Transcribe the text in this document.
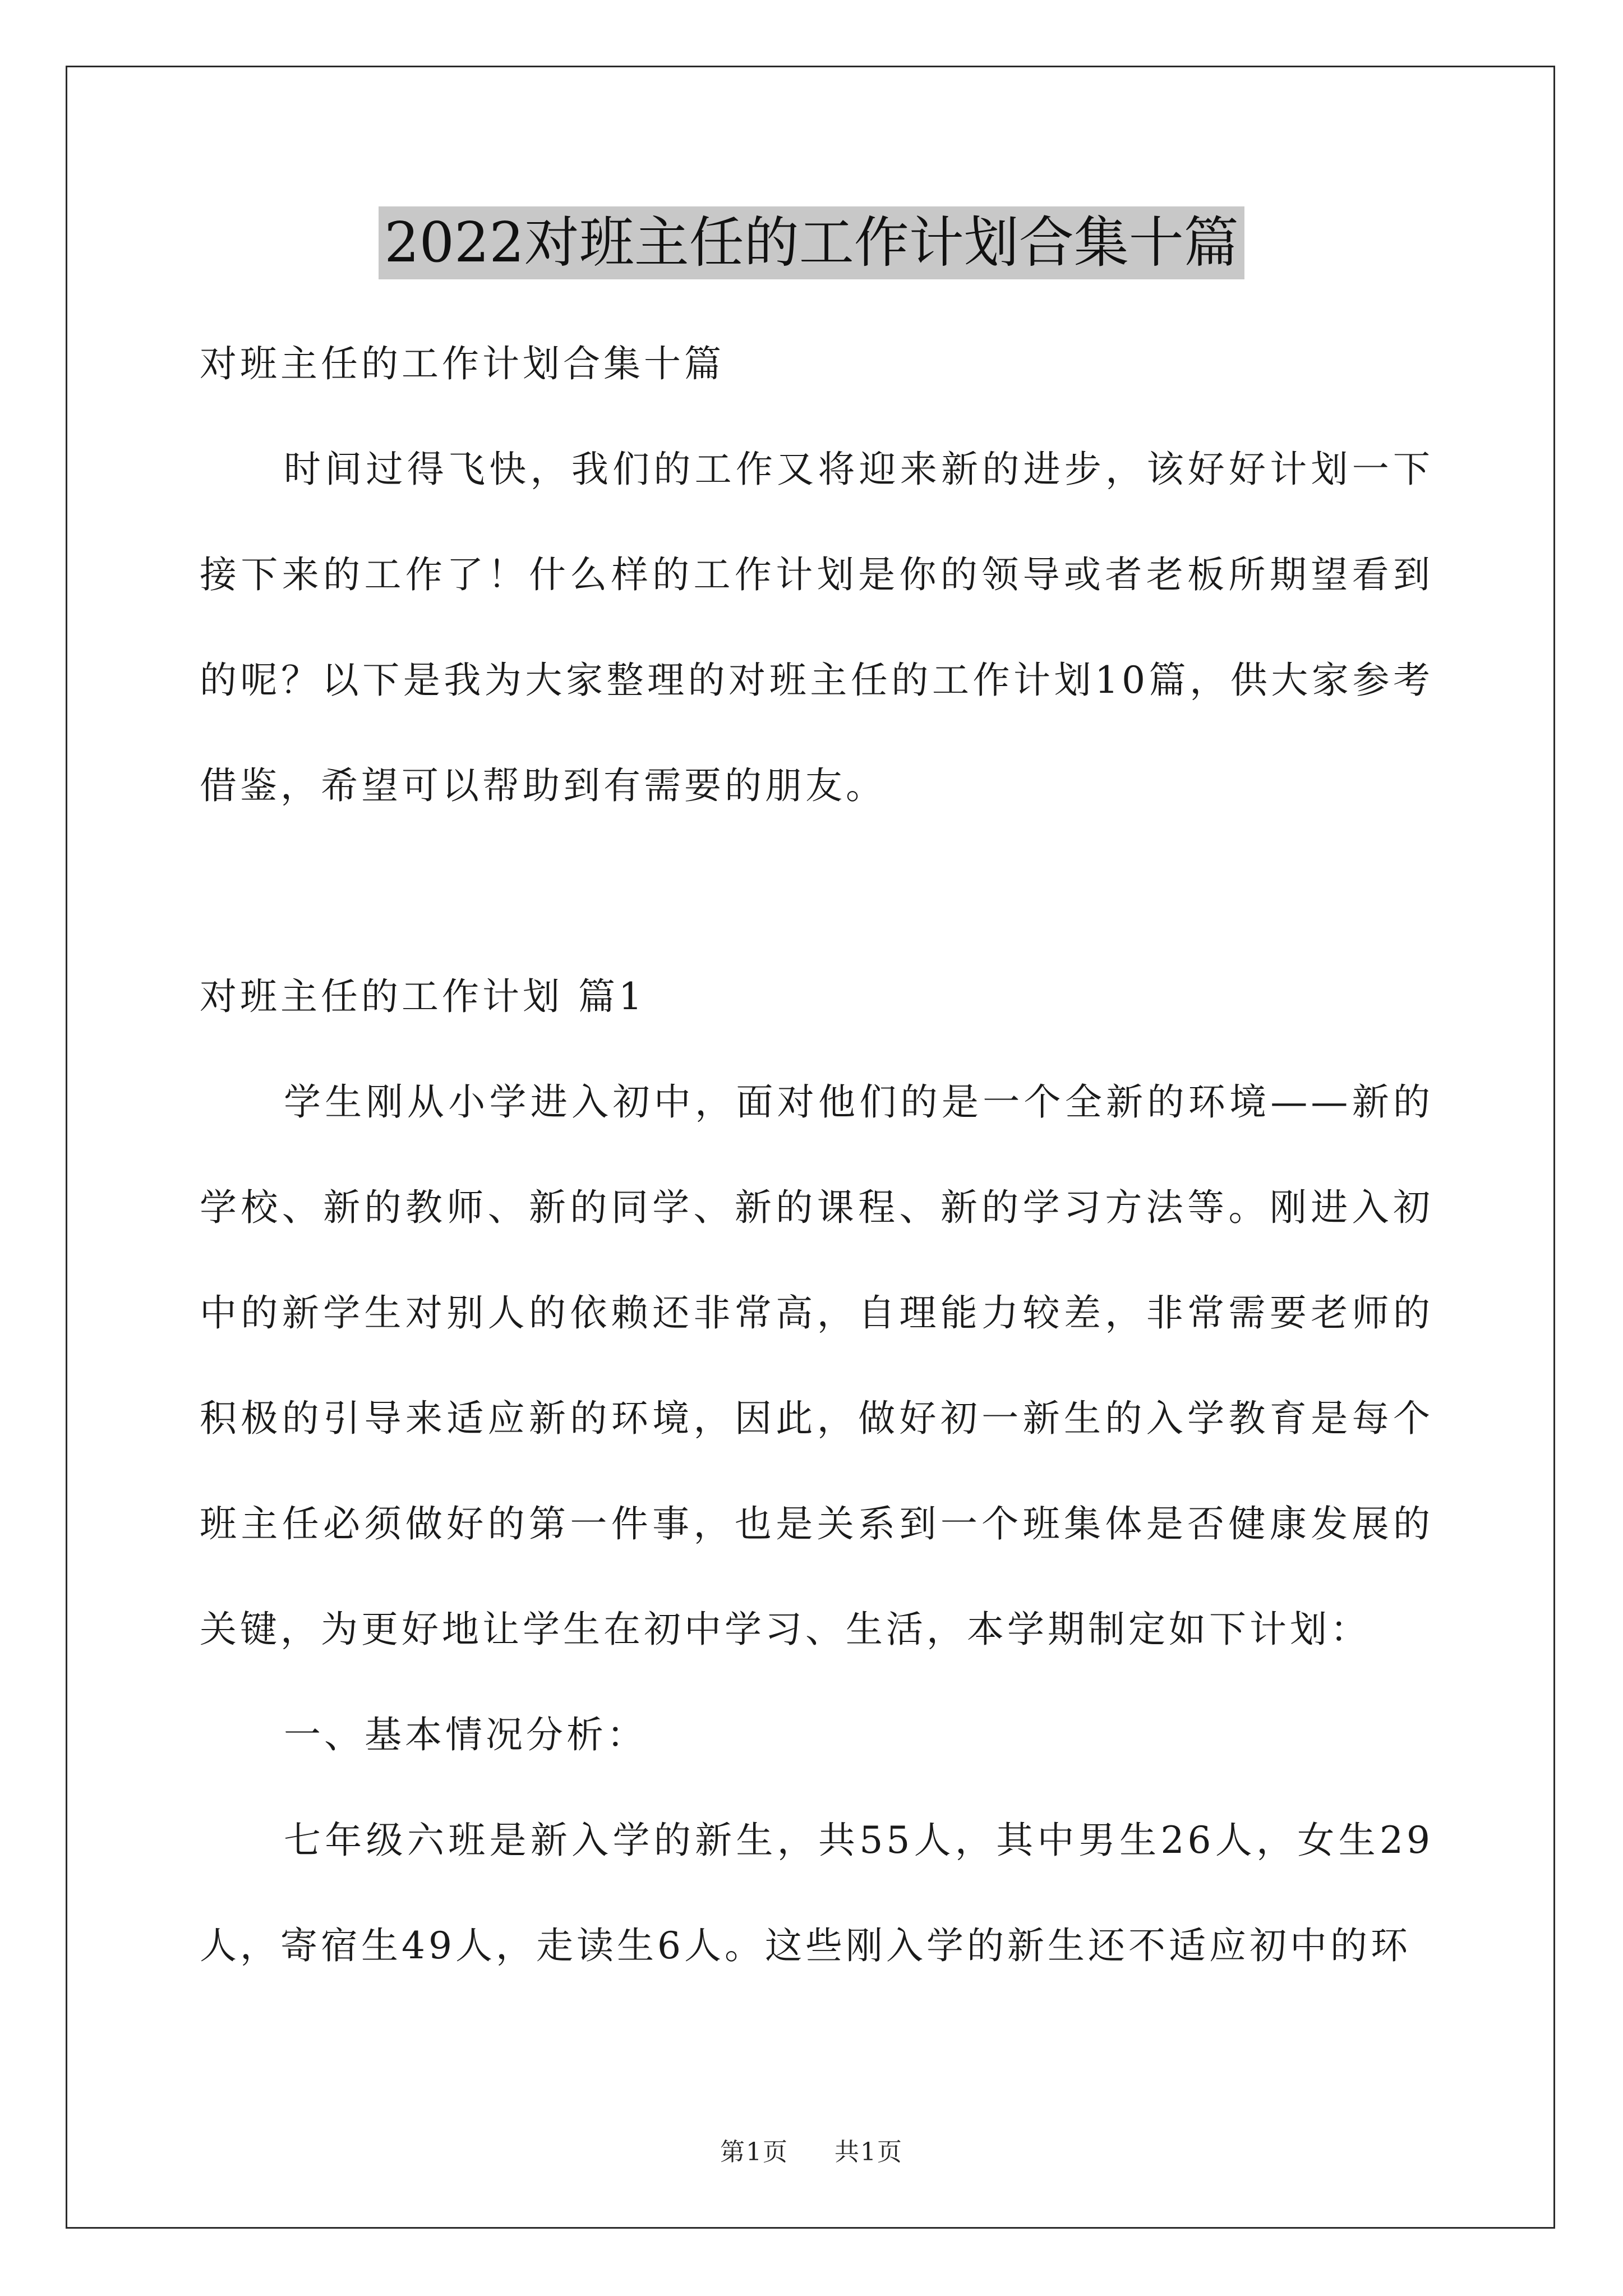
2022对班主任的工作计划合集十篇

对班主任的工作计划合集十篇

时间过得飞快，我们的工作又将迎来新的进步，该好好计划一下接下来的工作了！什么样的工作计划是你的领导或者老板所期望看到的呢？以下是我为大家整理的对班主任的工作计划10篇，供大家参考借鉴，希望可以帮助到有需要的朋友。

对班主任的工作计划 篇1

学生刚从小学进入初中，面对他们的是一个全新的环境——新的学校、新的教师、新的同学、新的课程、新的学习方法等。刚进入初中的新学生对别人的依赖还非常高，自理能力较差，非常需要老师的积极的引导来适应新的环境，因此，做好初一新生的入学教育是每个班主任必须做好的第一件事，也是关系到一个班集体是否健康发展的关键，为更好地让学生在初中学习、生活，本学期制定如下计划：

一、基本情况分析：

七年级六班是新入学的新生，共55人，其中男生26人，女生29人，寄宿生49人，走读生6人。这些刚入学的新生还不适应初中的环

第1页 共1页
